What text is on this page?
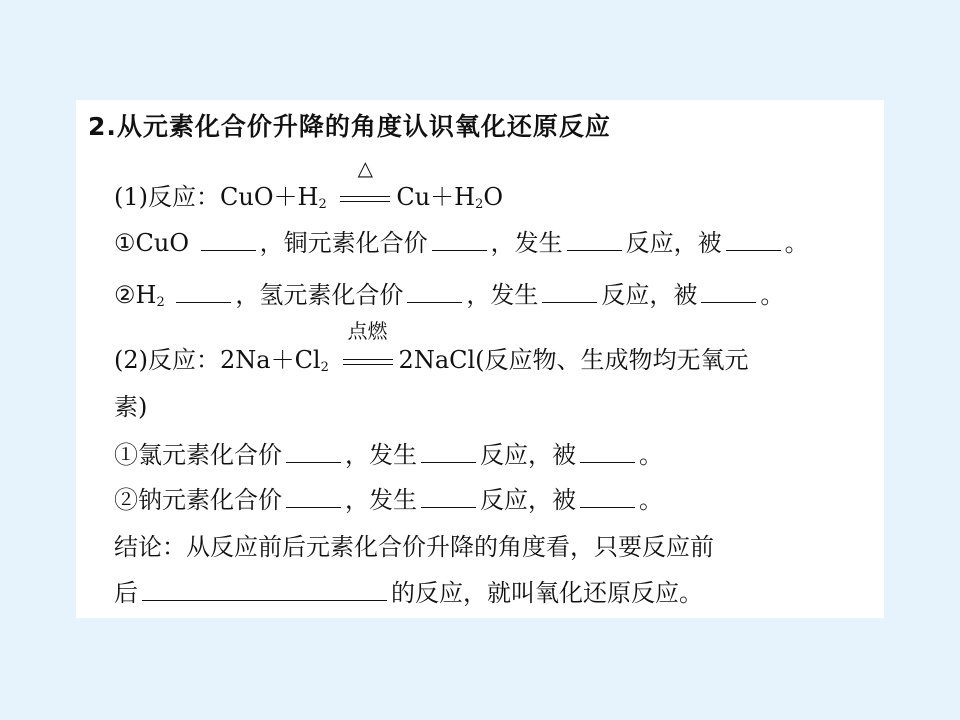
2.从元素化合价升降的角度认识氧化还原反应
(1)反应：$CuO+H_2$
△
$Cu+H_2O$
①CuO	，铜元素化合价	，发生	反应，被	。
$②H_2$	，氢元素化合价	，发生	反应，被	。
(2)反应：$2Na+Cl_2$
点燃
2NaCl(反应物、生成物均无氧元
素)
①氯元素化合价	，发生	反应，被	。
②钠元素化合价	，发生	反应，被	。
结论：从反应前后元素化合价升降的角度看，只要反应前
后	的反应，就叫氧化还原反应。
